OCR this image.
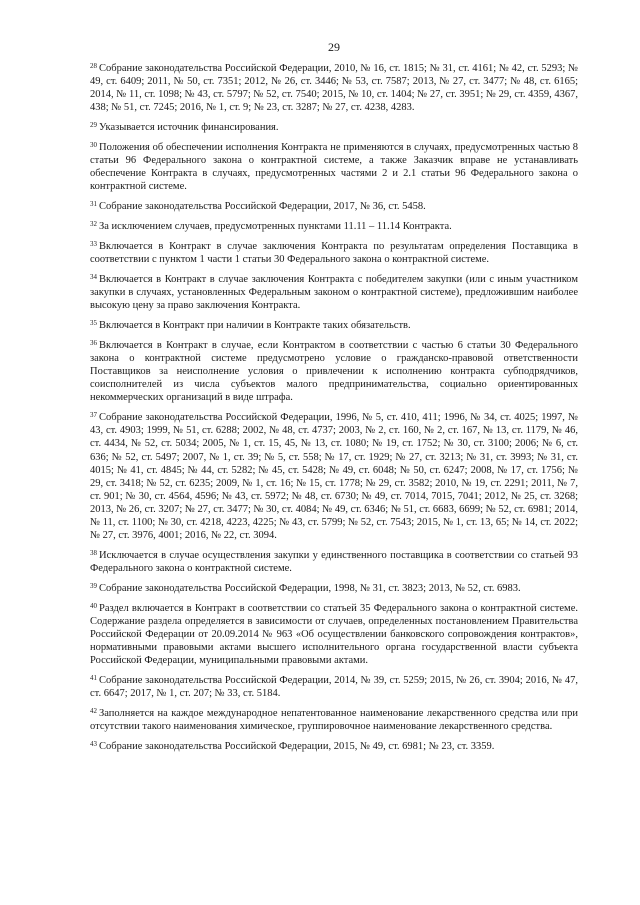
29

$^{28}$ Собрание законодательства Российской Федерации, 2010, № 16, ст. 1815; № 31, ст. 4161; № 42, ст. 5293; № 49, ст. 6409; 2011, № 50, ст. 7351; 2012, № 26, ст. 3446; № 53, ст. 7587; 2013, № 27, ст. 3477; № 48, ст. 6165; 2014, № 11, ст. 1098; № 43, ст. 5797; № 52, ст. 7540; 2015, № 10, ст. 1404; № 27, ст. 3951; № 29, ст. 4359, 4367, 438; № 51, ст. 7245; 2016, № 1, ст. 9; № 23, ст. 3287; № 27, ст. 4238, 4283.

$^{29}$ Указывается источник финансирования.

$^{30}$ Положения об обеспечении исполнения Контракта не применяются в случаях, предусмотренных частью 8 статьи 96 Федерального закона о контрактной системе, а также Заказчик вправе не устанавливать обеспечение Контракта в случаях, предусмотренных частями 2 и 2.1 статьи 96 Федерального закона о контрактной системе.

$^{31}$ Собрание законодательства Российской Федерации, 2017, № 36, ст. 5458.

$^{32}$ За исключением случаев, предусмотренных пунктами 11.11 – 11.14 Контракта.

$^{33}$ Включается в Контракт в случае заключения Контракта по результатам определения Поставщика в соответствии с пунктом 1 части 1 статьи 30 Федерального закона о контрактной системе.

$^{34}$ Включается в Контракт в случае заключения Контракта с победителем закупки (или с иным участником закупки в случаях, установленных Федеральным законом о контрактной системе), предложившим наиболее высокую цену за право заключения Контракта.

$^{35}$ Включается в Контракт при наличии в Контракте таких обязательств.

$^{36}$ Включается в Контракт в случае, если Контрактом в соответствии с частью 6 статьи 30 Федерального закона о контрактной системе предусмотрено условие о гражданско-правовой ответственности Поставщиков за неисполнение условия о привлечении к исполнению контракта субподрядчиков, соисполнителей из числа субъектов малого предпринимательства, социально ориентированных некоммерческих организаций в виде штрафа.

$^{37}$ Собрание законодательства Российской Федерации, 1996, № 5, ст. 410, 411; 1996, № 34, ст. 4025; 1997, № 43, ст. 4903; 1999, № 51, ст. 6288; 2002, № 48, ст. 4737; 2003, № 2, ст. 160, № 2, ст. 167, № 13, ст. 1179, № 46, ст. 4434, № 52, ст. 5034; 2005, № 1, ст. 15, 45, № 13, ст. 1080; № 19, ст. 1752; № 30, ст. 3100; 2006; № 6, ст. 636; № 52, ст. 5497; 2007, № 1, ст. 39; № 5, ст. 558; № 17, ст. 1929; № 27, ст. 3213; № 31, ст. 3993; № 31, ст. 4015; № 41, ст. 4845; № 44, ст. 5282; № 45, ст. 5428; № 49, ст. 6048; № 50, ст. 6247; 2008, № 17, ст. 1756; № 29, ст. 3418; № 52, ст. 6235; 2009, № 1, ст. 16; № 15, ст. 1778; № 29, ст. 3582; 2010, № 19, ст. 2291; 2011, № 7, ст. 901; № 30, ст. 4564, 4596; № 43, ст. 5972; № 48, ст. 6730; № 49, ст. 7014, 7015, 7041; 2012, № 25, ст. 3268; 2013, № 26, ст. 3207; № 27, ст. 3477; № 30, ст. 4084; № 49, ст. 6346; № 51, ст. 6683, 6699; № 52, ст. 6981; 2014, № 11, ст. 1100; № 30, ст. 4218, 4223, 4225; № 43, ст. 5799; № 52, ст. 7543; 2015, № 1, ст. 13, 65; № 14, ст. 2022; № 27, ст. 3976, 4001; 2016, № 22, ст. 3094.

$^{38}$ Исключается в случае осуществления закупки у единственного поставщика в соответствии со статьей 93 Федерального закона о контрактной системе.

$^{39}$ Собрание законодательства Российской Федерации, 1998, № 31, ст. 3823; 2013, № 52, ст. 6983.

$^{40}$ Раздел включается в Контракт в соответствии со статьей 35 Федерального закона о контрактной системе. Содержание раздела определяется в зависимости от случаев, определенных постановлением Правительства Российской Федерации от 20.09.2014 № 963 «Об осуществлении банковского сопровождения контрактов», нормативными правовыми актами высшего исполнительного органа государственной власти субъекта Российской Федерации, муниципальными правовыми актами.

$^{41}$ Собрание законодательства Российской Федерации, 2014, № 39, ст. 5259; 2015, № 26, ст. 3904; 2016, № 47, ст. 6647; 2017, № 1, ст. 207; № 33, ст. 5184.

$^{42}$ Заполняется на каждое международное непатентованное наименование лекарственного средства или при отсутствии такого наименования химическое, группировочное наименование лекарственного средства.

$^{43}$ Собрание законодательства Российской Федерации, 2015, № 49, ст. 6981; № 23, ст. 3359.
